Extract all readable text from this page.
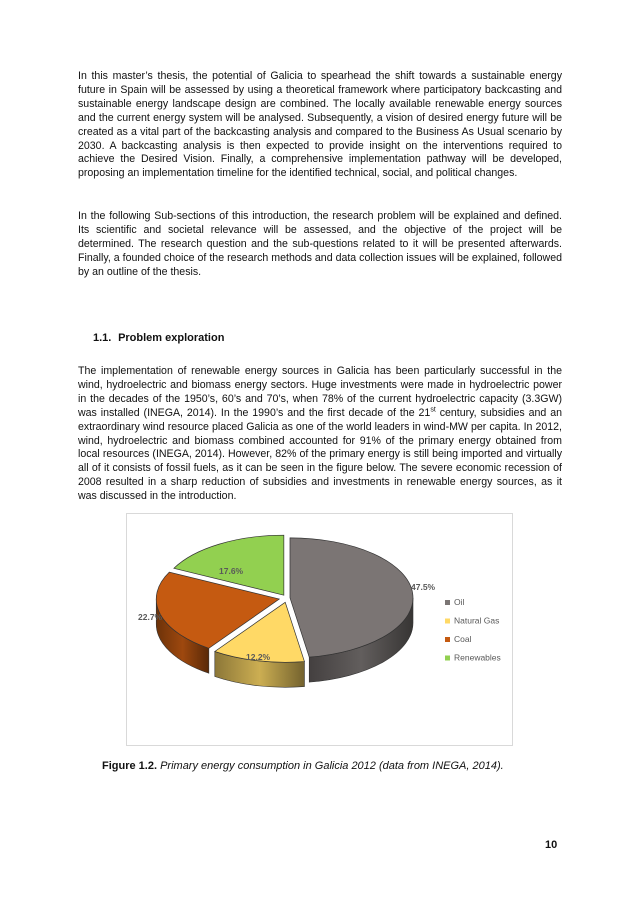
In this master’s thesis, the potential of Galicia to spearhead the shift towards a sustainable energy future in Spain will be assessed by using a theoretical framework where participatory backcasting and sustainable energy landscape design are combined. The locally available renewable energy sources and the current energy system will be analysed. Subsequently, a vision of desired energy future will be created as a vital part of the backcasting analysis and compared to the Business As Usual scenario by 2030. A backcasting analysis is then expected to provide insight on the interventions required to achieve the Desired Vision. Finally, a comprehensive implementation pathway will be developed, proposing an implementation timeline for the identified technical, social, and political changes.

In the following Sub-sections of this introduction, the research problem will be explained and defined. Its scientific and societal relevance will be assessed, and the objective of the project will be determined. The research question and the sub-questions related to it will be presented afterwards. Finally, a founded choice of the research methods and data collection issues will be explained, followed by an outline of the thesis.

1.1. Problem exploration

The implementation of renewable energy sources in Galicia has been particularly successful in the wind, hydroelectric and biomass energy sectors. Huge investments were made in hydroelectric power in the decades of the 1950’s, 60’s and 70’s, when 78% of the current hydroelectric capacity (3.3GW) was installed (INEGA, 2014). In the 1990’s and the first decade of the 21st century, subsidies and an extraordinary wind resource placed Galicia as one of the world leaders in wind-MW per capita. In 2012, wind, hydroelectric and biomass combined accounted for 91% of the primary energy obtained from local resources (INEGA, 2014). However, 82% of the primary energy is still being imported and virtually all of it consists of fossil fuels, as it can be seen in the figure below. The severe economic recession of 2008 resulted in a sharp reduction of subsidies and investments in renewable energy sources, as it was discussed in the introduction.

47.5%
12.2%
22.7%
17.6%
Oil
Natural Gas
Coal
Renewables

Figure 1.2. Primary energy consumption in Galicia 2012 (data from INEGA, 2014).

10
